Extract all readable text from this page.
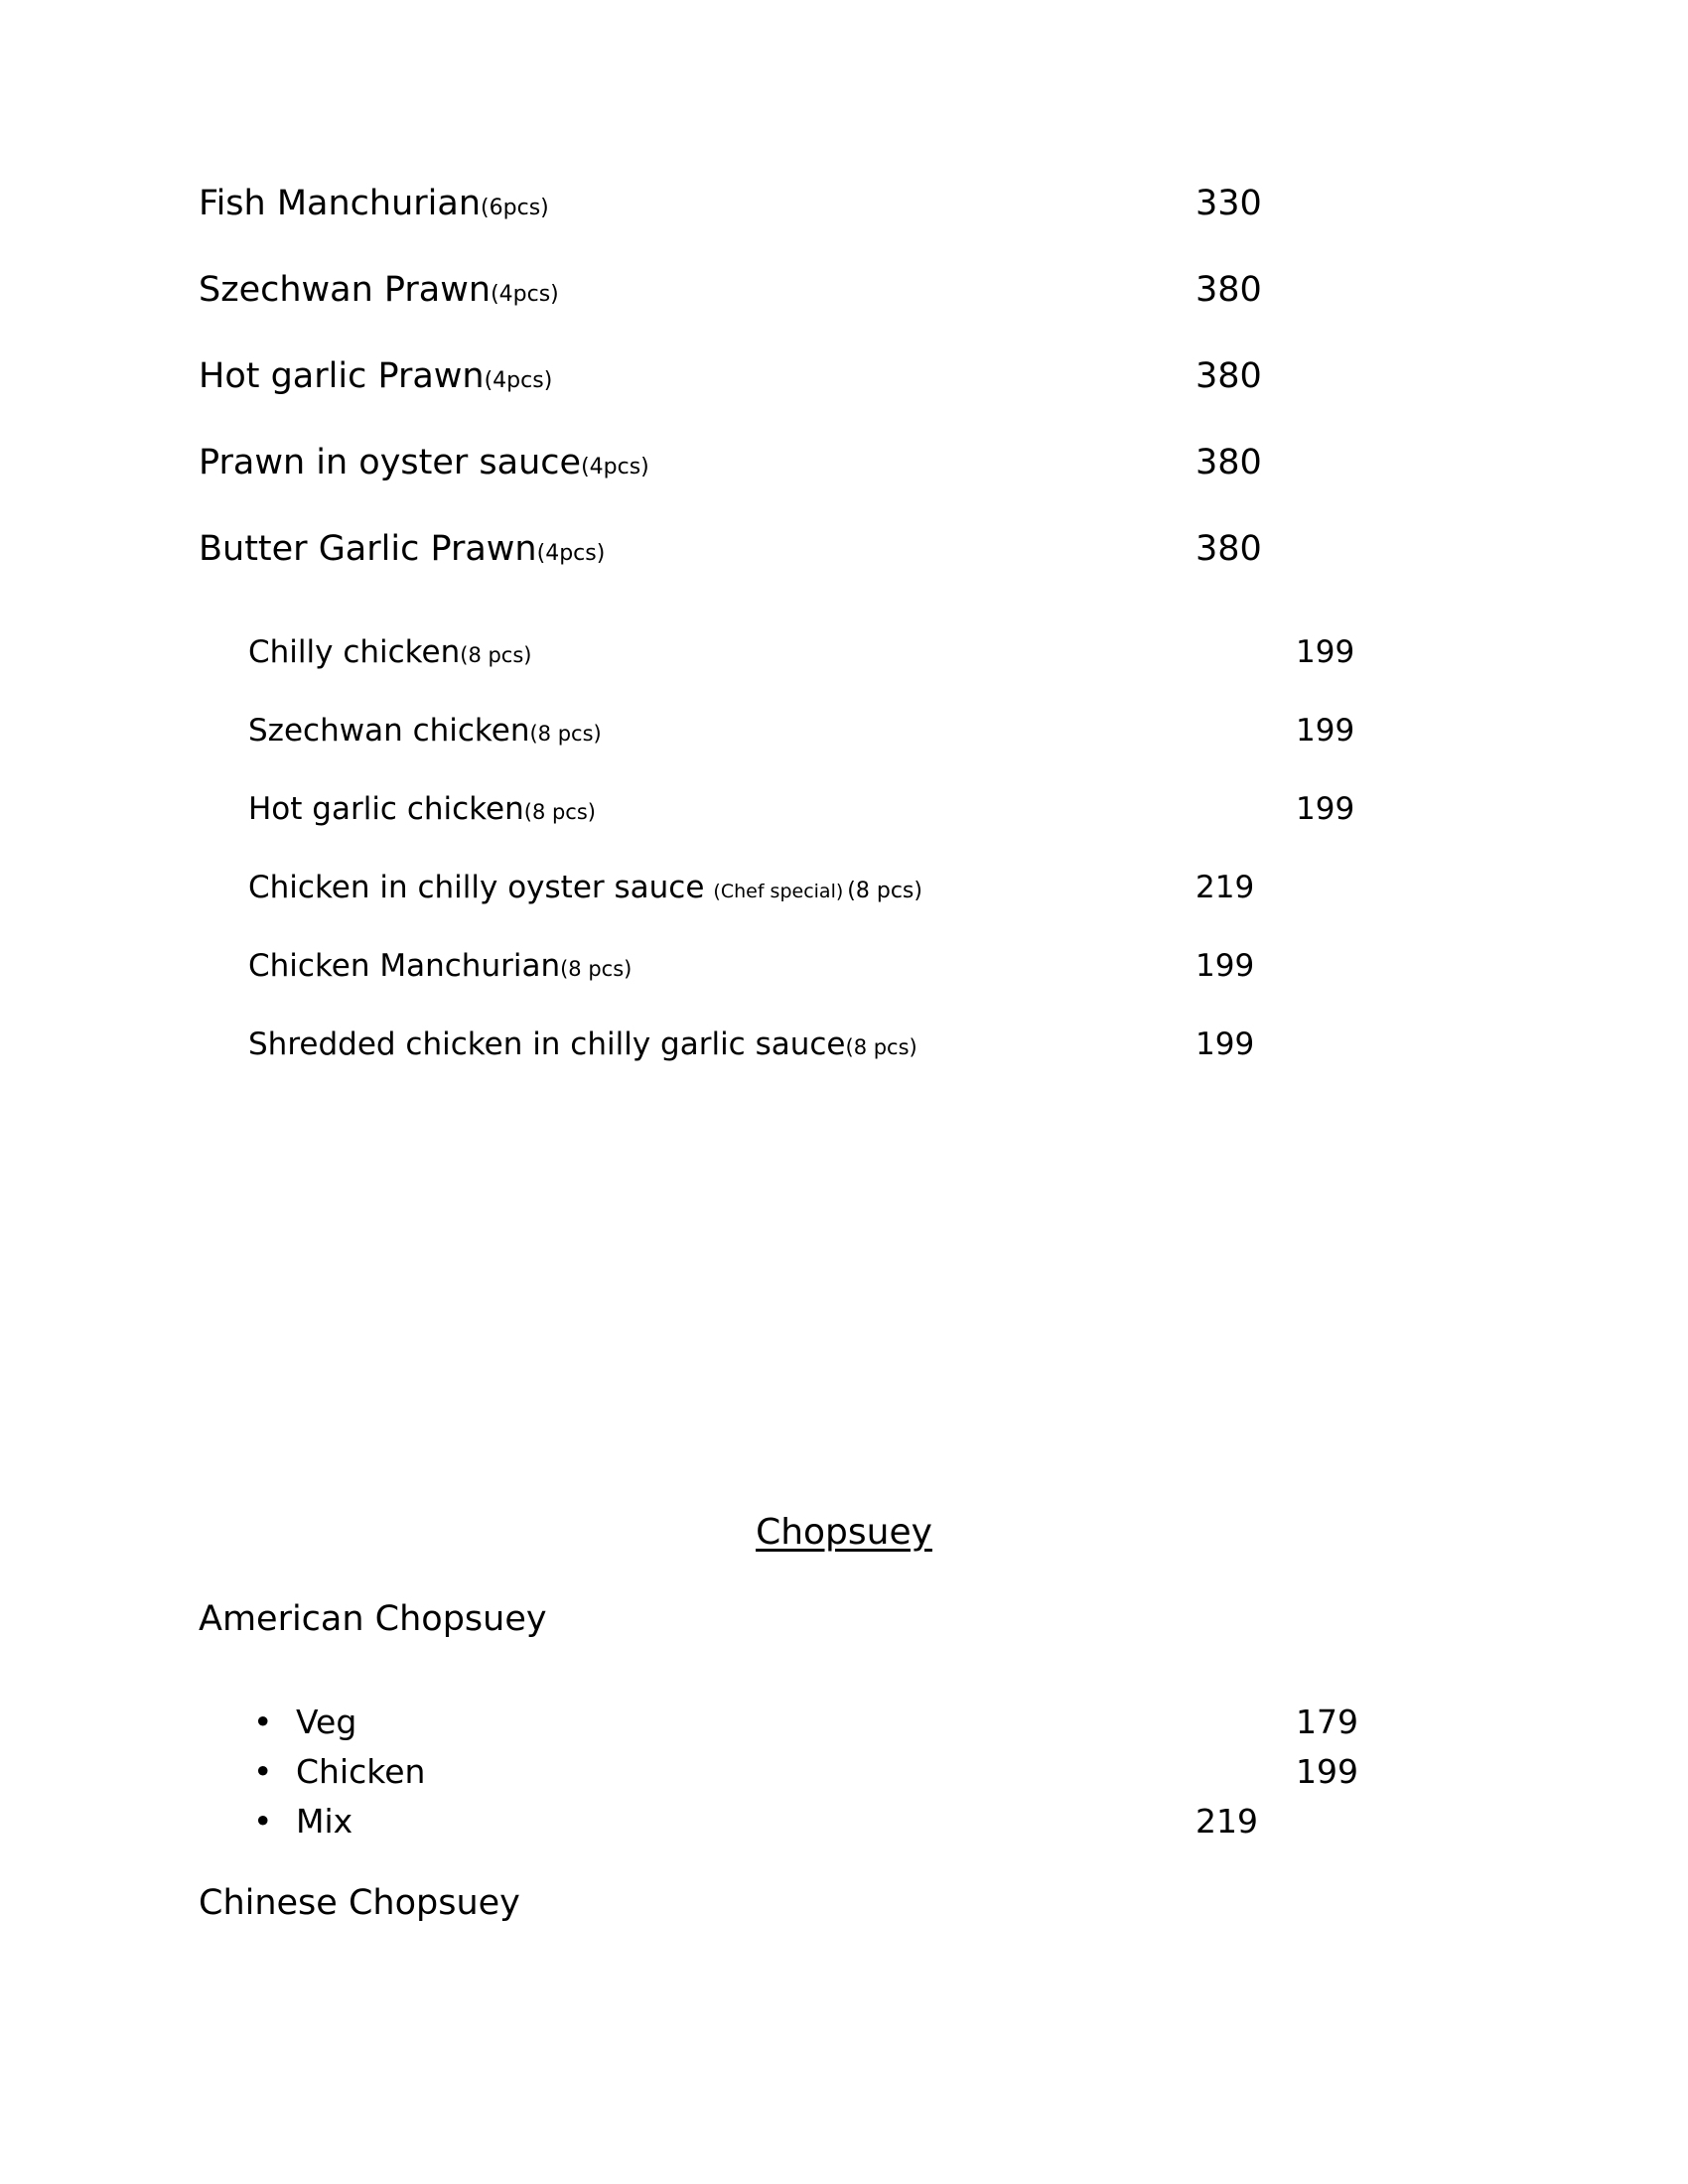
Fish Manchurian(6pcs)	330
Szechwan Prawn(4pcs)	380
Hot garlic Prawn(4pcs)	380
Prawn in oyster sauce(4pcs)	380
Butter Garlic Prawn(4pcs)	380
Chilly chicken(8 pcs)	199
Szechwan chicken(8 pcs)	199
Hot garlic chicken(8 pcs)	199
Chicken in chilly oyster sauce (Chef special) (8 pcs)	219
Chicken Manchurian(8 pcs)	199
Shredded chicken in chilly garlic sauce(8 pcs)	199
Chopsuey
American Chopsuey
• Veg	179
• Chicken	199
• Mix	219
Chinese Chopsuey
